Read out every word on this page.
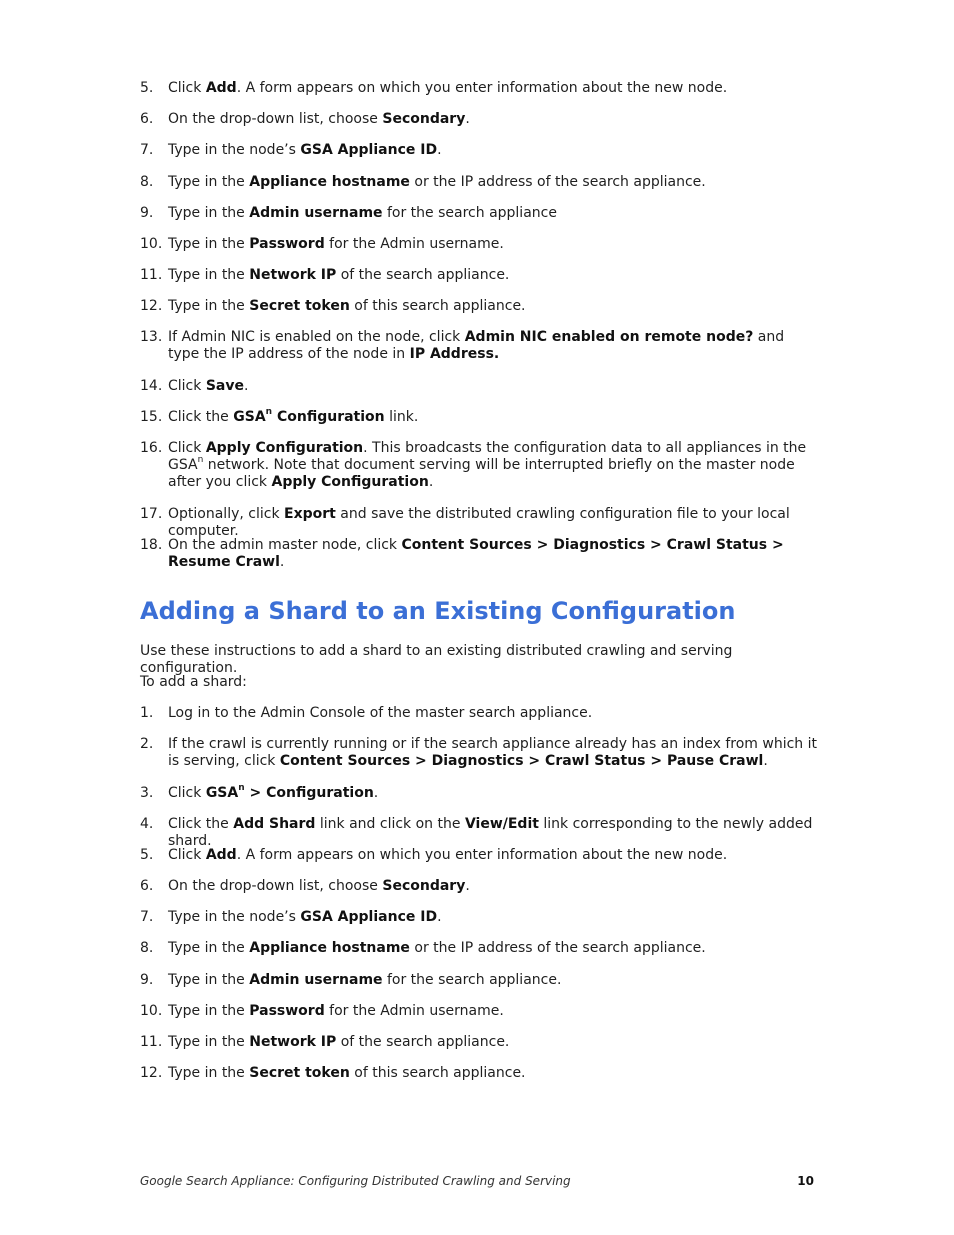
5.	Click Add. A form appears on which you enter information about the new node.
6.	On the drop-down list, choose Secondary.
7.	Type in the node’s GSA Appliance ID.
8.	Type in the Appliance hostname or the IP address of the search appliance.
9.	Type in the Admin username for the search appliance
10. Type in the Password for the Admin username.
11. Type in the Network IP of the search appliance.
12. Type in the Secret token of this search appliance.
13. If Admin NIC is enabled on the node, click Admin NIC enabled on remote node? and type the IP address of the node in IP Address.
14. Click Save.
15. Click the GSA$^n$ Configuration link.
16. Click Apply Configuration. This broadcasts the configuration data to all appliances in the GSA$^n$ network. Note that document serving will be interrupted briefly on the master node after you click Apply Configuration.
17. Optionally, click Export and save the distributed crawling configuration file to your local computer.
18. On the admin master node, click Content Sources > Diagnostics > Crawl Status > Resume Crawl.
Adding a Shard to an Existing Configuration
Use these instructions to add a shard to an existing distributed crawling and serving configuration.
To add a shard:
1.	Log in to the Admin Console of the master search appliance.
2.	If the crawl is currently running or if the search appliance already has an index from which it is serving, click Content Sources > Diagnostics > Crawl Status > Pause Crawl.
3.	Click $GSA^n$ > Configuration.
4.	Click the Add Shard link and click on the View/Edit link corresponding to the newly added shard.
5.	Click Add. A form appears on which you enter information about the new node.
6.	On the drop-down list, choose Secondary.
7.	Type in the node’s GSA Appliance ID.
8.	Type in the Appliance hostname or the IP address of the search appliance.
9.	Type in the Admin username for the search appliance.
10. Type in the Password for the Admin username.
11. Type in the Network IP of the search appliance.
12. Type in the Secret token of this search appliance.
Google Search Appliance: Configuring Distributed Crawling and Serving	10
